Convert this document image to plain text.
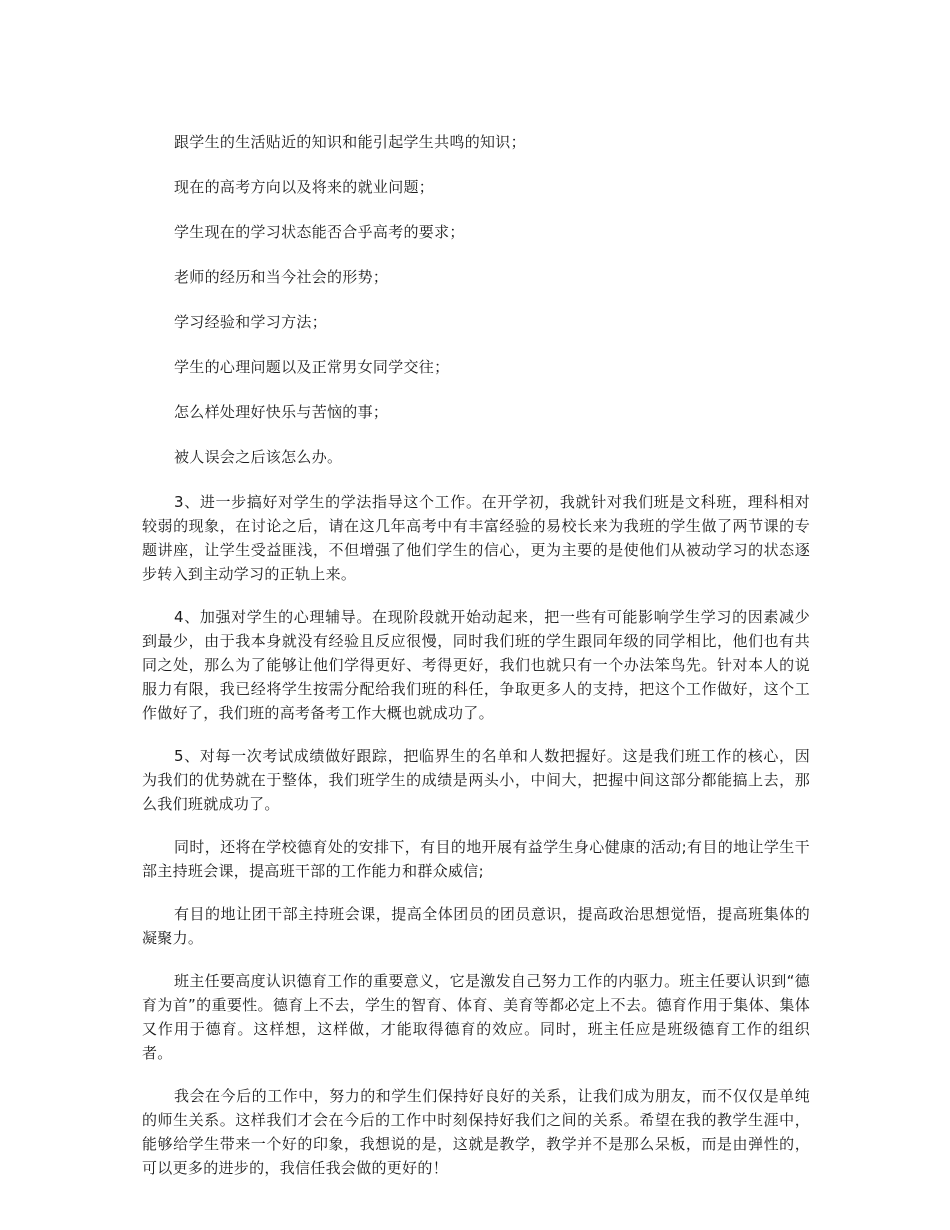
跟学生的生活贴近的知识和能引起学生共鸣的知识；

现在的高考方向以及将来的就业问题；

学生现在的学习状态能否合乎高考的要求；

老师的经历和当今社会的形势；

学习经验和学习方法；

学生的心理问题以及正常男女同学交往；

怎么样处理好快乐与苦恼的事；

被人误会之后该怎么办。

3、进一步搞好对学生的学法指导这个工作。在开学初，我就针对我们班是文科班，理科相对较弱的现象，在讨论之后，请在这几年高考中有丰富经验的易校长来为我班的学生做了两节课的专题讲座，让学生受益匪浅，不但增强了他们学生的信心，更为主要的是使他们从被动学习的状态逐步转入到主动学习的正轨上来。

4、加强对学生的心理辅导。在现阶段就开始动起来，把一些有可能影响学生学习的因素减少到最少，由于我本身就没有经验且反应很慢，同时我们班的学生跟同年级的同学相比，他们也有共同之处，那么为了能够让他们学得更好、考得更好，我们也就只有一个办法笨鸟先。针对本人的说服力有限，我已经将学生按需分配给我们班的科任，争取更多人的支持，把这个工作做好，这个工作做好了，我们班的高考备考工作大概也就成功了。

5、对每一次考试成绩做好跟踪，把临界生的名单和人数把握好。这是我们班工作的核心，因为我们的优势就在于整体，我们班学生的成绩是两头小，中间大，把握中间这部分都能搞上去，那么我们班就成功了。

同时，还将在学校德育处的安排下，有目的地开展有益学生身心健康的活动;有目的地让学生干部主持班会课，提高班干部的工作能力和群众威信;

有目的地让团干部主持班会课，提高全体团员的团员意识，提高政治思想觉悟，提高班集体的凝聚力。

班主任要高度认识德育工作的重要意义，它是激发自己努力工作的内驱力。班主任要认识到“德育为首”的重要性。德育上不去，学生的智育、体育、美育等都必定上不去。德育作用于集体、集体又作用于德育。这样想，这样做，才能取得德育的效应。同时，班主任应是班级德育工作的组织者。

我会在今后的工作中，努力的和学生们保持好良好的关系，让我们成为朋友，而不仅仅是单纯的师生关系。这样我们才会在今后的工作中时刻保持好我们之间的关系。希望在我的教学生涯中，能够给学生带来一个好的印象，我想说的是，这就是教学，教学并不是那么呆板，而是由弹性的，可以更多的进步的，我信任我会做的更好的！
